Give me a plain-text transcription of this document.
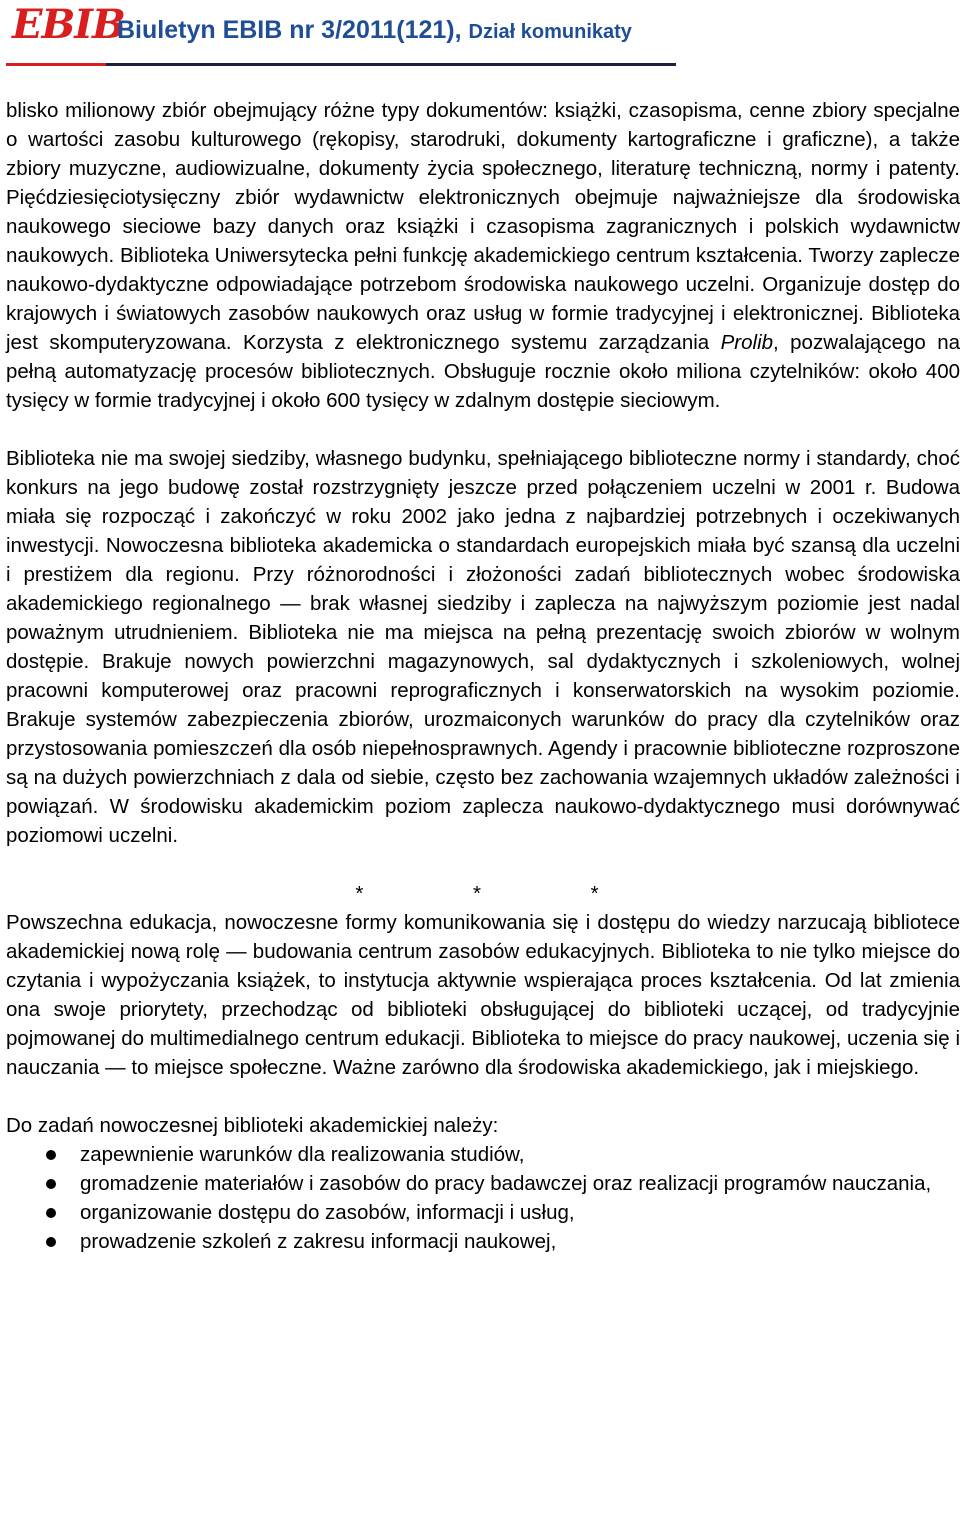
EBIB
Biuletyn EBIB nr 3/2011(121), Dział komunikaty

blisko milionowy zbiór obejmujący różne typy dokumentów: książki, czasopisma, cenne zbiory specjalne o wartości zasobu kulturowego (rękopisy, starodruki, dokumenty kartograficzne i graficzne), a także zbiory muzyczne, audiowizualne, dokumenty życia społecznego, literaturę techniczną, normy i patenty. Pięćdziesięciotysięczny zbiór wydawnictw elektronicznych obejmuje najważniejsze dla środowiska naukowego sieciowe bazy danych oraz książki i czasopisma zagranicznych i polskich wydawnictw naukowych. Biblioteka Uniwersytecka pełni funkcję akademickiego centrum kształcenia. Tworzy zaplecze naukowo-dydaktyczne odpowiadające potrzebom środowiska naukowego uczelni. Organizuje dostęp do krajowych i światowych zasobów naukowych oraz usług w formie tradycyjnej i elektronicznej. Biblioteka jest skomputeryzowana. Korzysta z elektronicznego systemu zarządzania Prolib, pozwalającego na pełną automatyzację procesów bibliotecznych. Obsługuje rocznie około miliona czytelników: około 400 tysięcy w formie tradycyjnej i około 600 tysięcy w zdalnym dostępie sieciowym.

Biblioteka nie ma swojej siedziby, własnego budynku, spełniającego biblioteczne normy i standardy, choć konkurs na jego budowę został rozstrzygnięty jeszcze przed połączeniem uczelni w 2001 r. Budowa miała się rozpocząć i zakończyć w roku 2002 jako jedna z najbardziej potrzebnych i oczekiwanych inwestycji. Nowoczesna biblioteka akademicka o standardach europejskich miała być szansą dla uczelni i prestiżem dla regionu. Przy różnorodności i złożoności zadań bibliotecznych wobec środowiska akademickiego regionalnego — brak własnej siedziby i zaplecza na najwyższym poziomie jest nadal poważnym utrudnieniem. Biblioteka nie ma miejsca na pełną prezentację swoich zbiorów w wolnym dostępie. Brakuje nowych powierzchni magazynowych, sal dydaktycznych i szkoleniowych, wolnej pracowni komputerowej oraz pracowni reprograficznych i konserwatorskich na wysokim poziomie. Brakuje systemów zabezpieczenia zbiorów, urozmaiconych warunków do pracy dla czytelników oraz przystosowania pomieszczeń dla osób niepełnosprawnych. Agendy i pracownie biblioteczne rozproszone są na dużych powierzchniach z dala od siebie, często bez zachowania wzajemnych układów zależności i powiązań. W środowisku akademickim poziom zaplecza naukowo-dydaktycznego musi dorównywać poziomowi uczelni.

* * *

Powszechna edukacja, nowoczesne formy komunikowania się i dostępu do wiedzy narzucają bibliotece akademickiej nową rolę — budowania centrum zasobów edukacyjnych. Biblioteka to nie tylko miejsce do czytania i wypożyczania książek, to instytucja aktywnie wspierająca proces kształcenia. Od lat zmienia ona swoje priorytety, przechodząc od biblioteki obsługującej do biblioteki uczącej, od tradycyjnie pojmowanej do multimedialnego centrum edukacji. Biblioteka to miejsce do pracy naukowej, uczenia się i nauczania — to miejsce społeczne. Ważne zarówno dla środowiska akademickiego, jak i miejskiego.

Do zadań nowoczesnej biblioteki akademickiej należy:

zapewnienie warunków dla realizowania studiów,
gromadzenie materiałów i zasobów do pracy badawczej oraz realizacji programów nauczania,
organizowanie dostępu do zasobów, informacji i usług,
prowadzenie szkoleń z zakresu informacji naukowej,
